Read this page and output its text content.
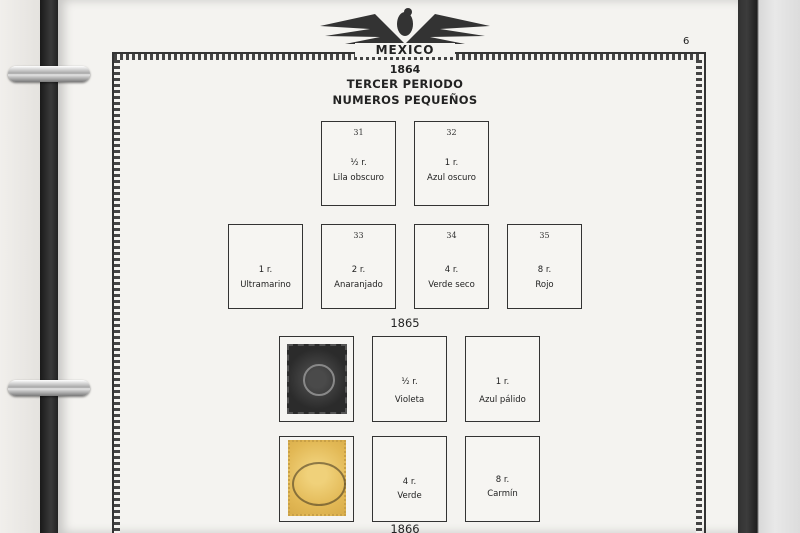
MEXICO
6
1864
TERCER PERIODO
NUMEROS PEQUEÑOS
31
½ r.
Lila obscuro
32
1 r.
Azul oscuro
1 r.
Ultramarino
33
2 r.
Anaranjado
34
4 r.
Verde seco
35
8 r.
Rojo
1865
½ r.
Violeta
1 r.
Azul pálido
4 r.
Verde
8 r.
Carmín
1866
